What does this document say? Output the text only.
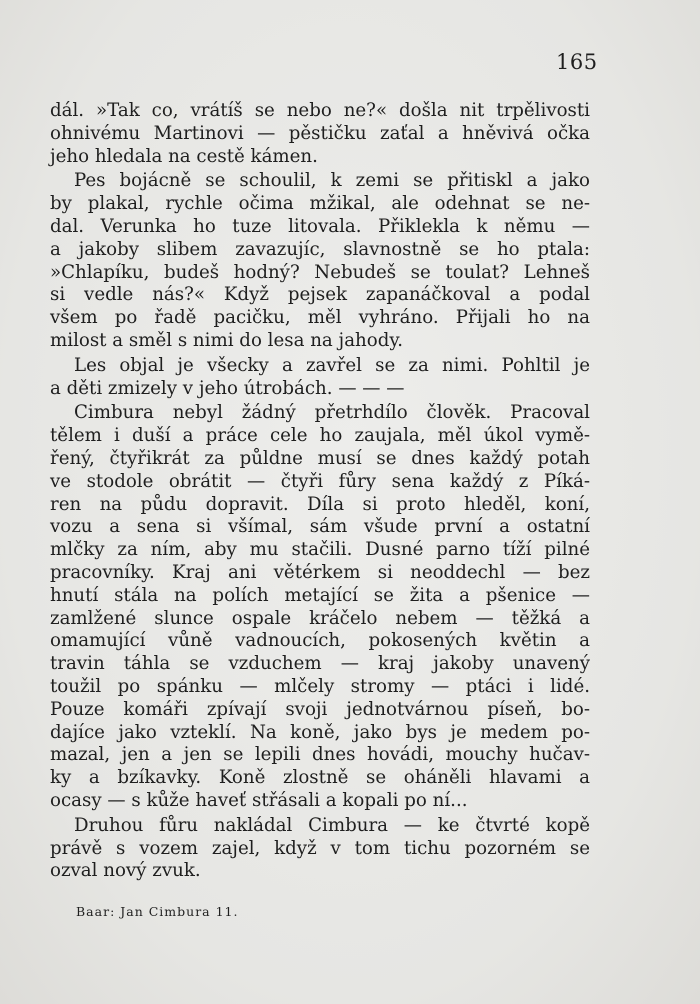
165

dál. »Tak co, vrátíš se nebo ne?« došla nit trpělivosti
ohnivému Martinovi — pěstičku zaťal a hněvivá očka
jeho hledala na cestě kámen.

Pes bojácně se schoulil, k zemi se přitiskl a jako
by plakal, rychle očima mžikal, ale odehnat se ne-
dal. Verunka ho tuze litovala. Přiklekla k němu —
a jakoby slibem zavazujíc, slavnostně se ho ptala:
»Chlapíku, budeš hodný? Nebudeš se toulat? Lehneš
si vedle nás?« Když pejsek zapanáčkoval a podal
všem po řadě pacičku, měl vyhráno. Přijali ho na
milost a směl s nimi do lesa na jahody.

Les objal je všecky a zavřel se za nimi. Pohltil je
a děti zmizely v jeho útrobách. — — —

Cimbura nebyl žádný přetrhdílo člověk. Pracoval
tělem i duší a práce cele ho zaujala, měl úkol vymě-
řený, čtyřikrát za půldne musí se dnes každý potah
ve stodole obrátit — čtyři fůry sena každý z Píká-
ren na půdu dopravit. Díla si proto hleděl, koní,
vozu a sena si všímal, sám všude první a ostatní
mlčky za ním, aby mu stačili. Dusné parno tíží pilné
pracovníky. Kraj ani větérkem si neoddechl — bez
hnutí stála na polích metající se žita a pšenice —
zamlžené slunce ospale kráčelo nebem — těžká a
omamující vůně vadnoucích, pokosených květin a
travin táhla se vzduchem — kraj jakoby unavený
toužil po spánku — mlčely stromy — ptáci i lidé.
Pouze komáři zpívají svoji jednotvárnou píseň, bo-
dajíce jako vzteklí. Na koně, jako bys je medem po-
mazal, jen a jen se lepili dnes hovádi, mouchy hučav-
ky a bzíkavky. Koně zlostně se oháněli hlavami a
ocasy — s kůže haveť střásali a kopali po ní...

Druhou fůru nakládal Cimbura — ke čtvrté kopě
právě s vozem zajel, když v tom tichu pozorném se
ozval nový zvuk.

Baar: Jan Cimbura 11.
